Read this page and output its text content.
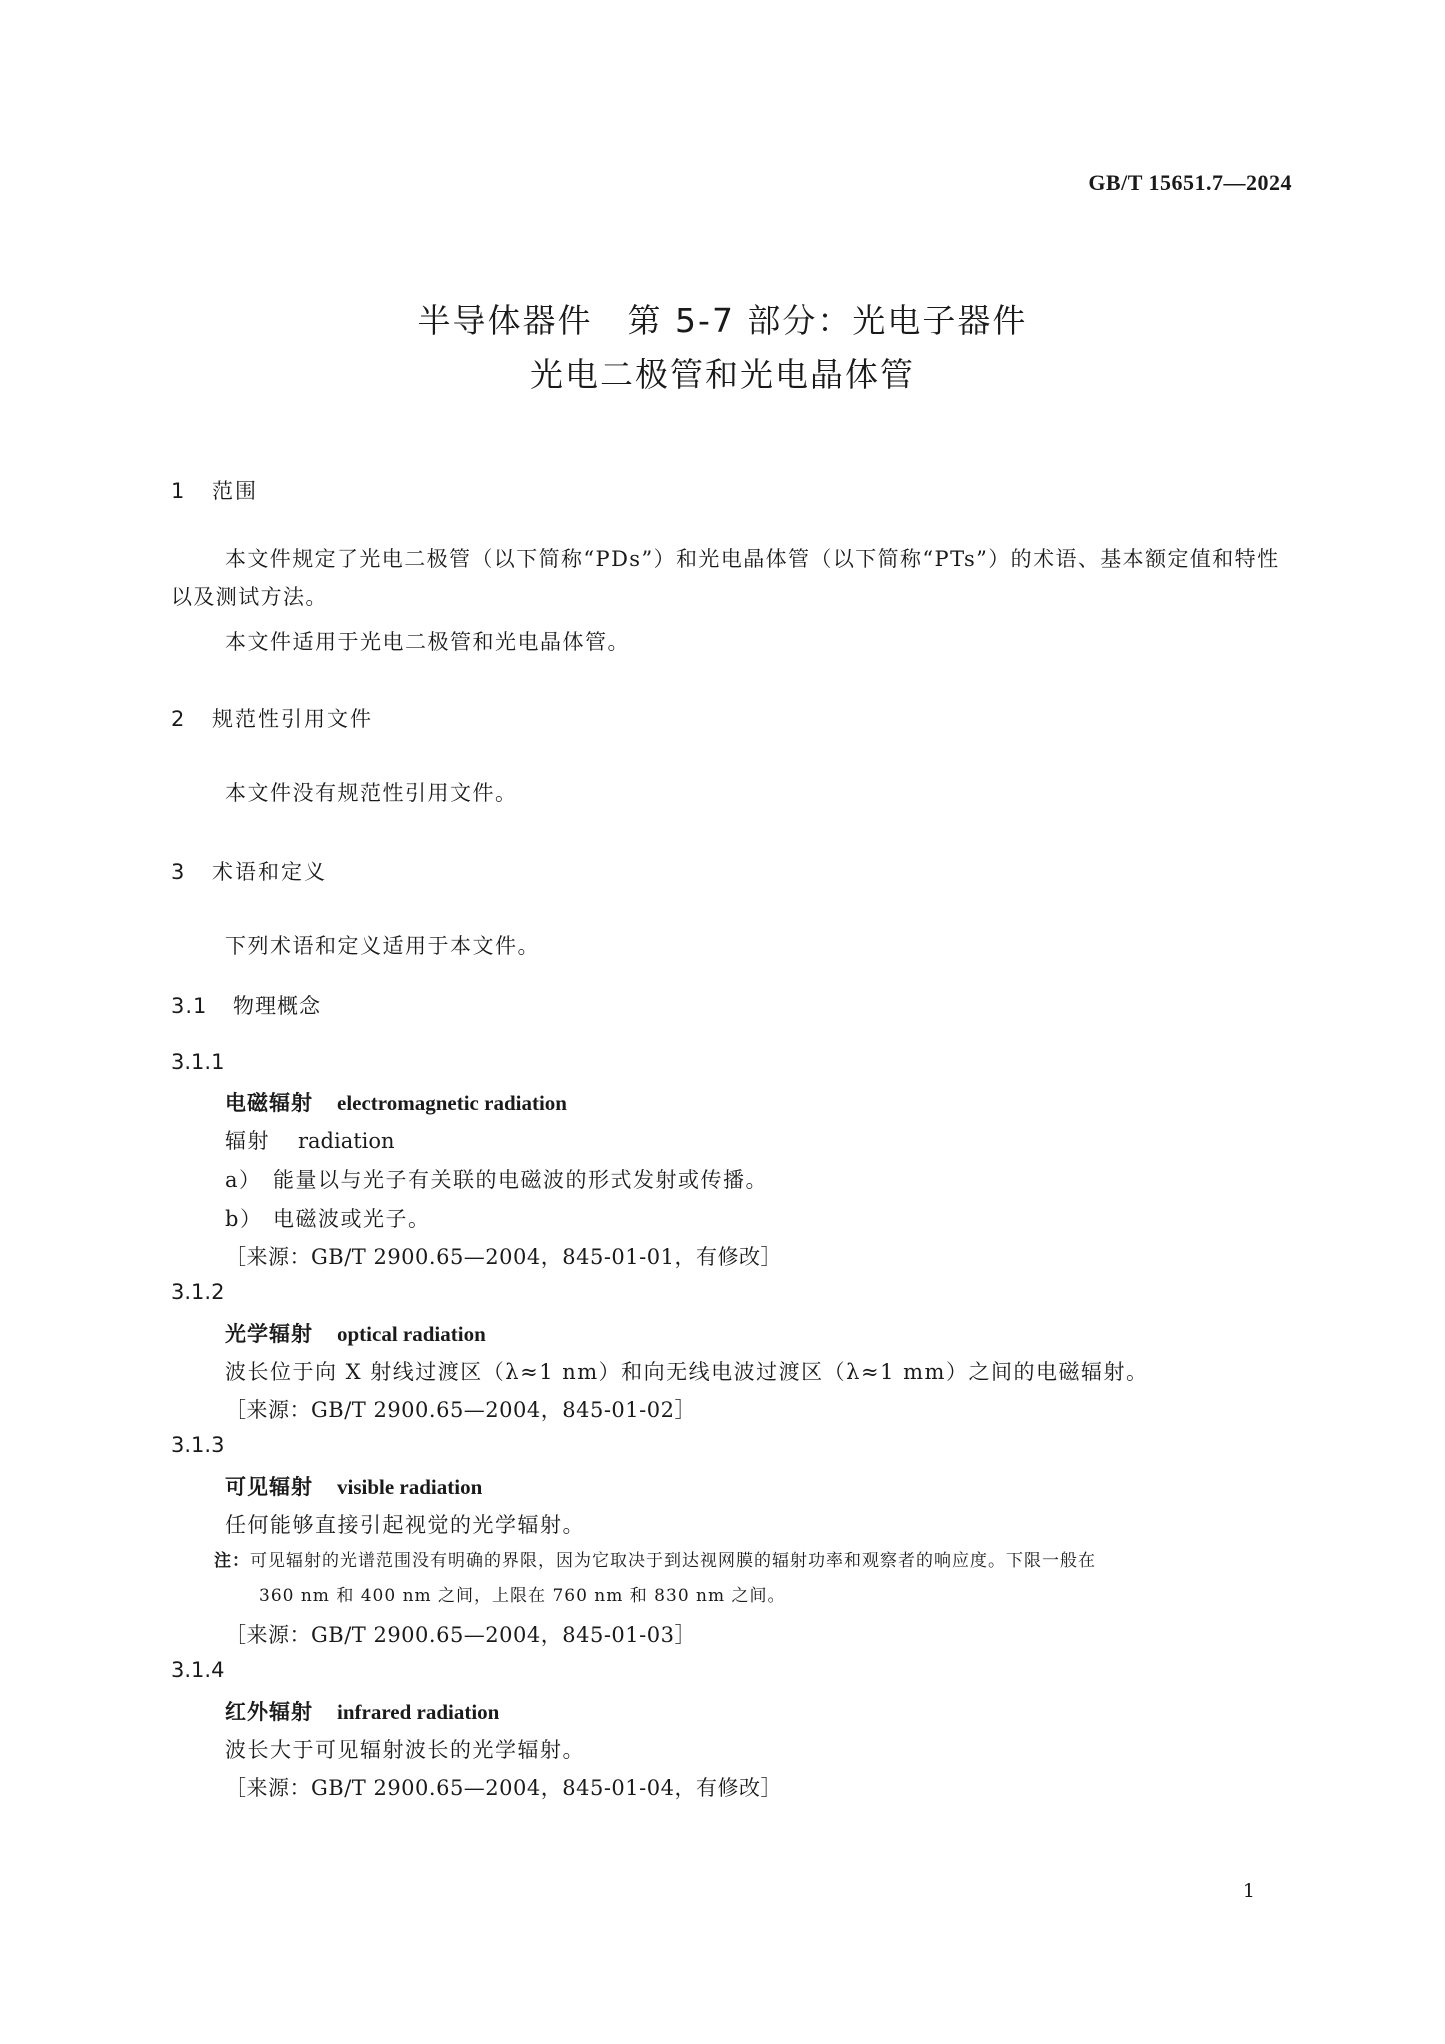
GB/T 15651.7—2024
半导体器件　第 5-7 部分：光电子器件
光电二极管和光电晶体管
1 范围
本文件规定了光电二极管（以下简称“PDs”）和光电晶体管（以下简称“PTs”）的术语、基本额定值和特性以及测试方法。
本文件适用于光电二极管和光电晶体管。
2 规范性引用文件
本文件没有规范性引用文件。
3 术语和定义
下列术语和定义适用于本文件。
3.1 物理概念
3.1.1
电磁辐射 electromagnetic radiation
辐射 radiation
a） 能量以与光子有关联的电磁波的形式发射或传播。
b） 电磁波或光子。
［来源：GB/T 2900.65—2004，845-01-01，有修改］
3.1.2
光学辐射 optical radiation
波长位于向 X 射线过渡区（λ≈1 nm）和向无线电波过渡区（λ≈1 mm）之间的电磁辐射。
［来源：GB/T 2900.65—2004，845-01-02］
3.1.3
可见辐射 visible radiation
任何能够直接引起视觉的光学辐射。
注：可见辐射的光谱范围没有明确的界限，因为它取决于到达视网膜的辐射功率和观察者的响应度。下限一般在
360 nm 和 400 nm 之间，上限在 760 nm 和 830 nm 之间。
［来源：GB/T 2900.65—2004，845-01-03］
3.1.4
红外辐射 infrared radiation
波长大于可见辐射波长的光学辐射。
［来源：GB/T 2900.65—2004，845-01-04，有修改］
1
